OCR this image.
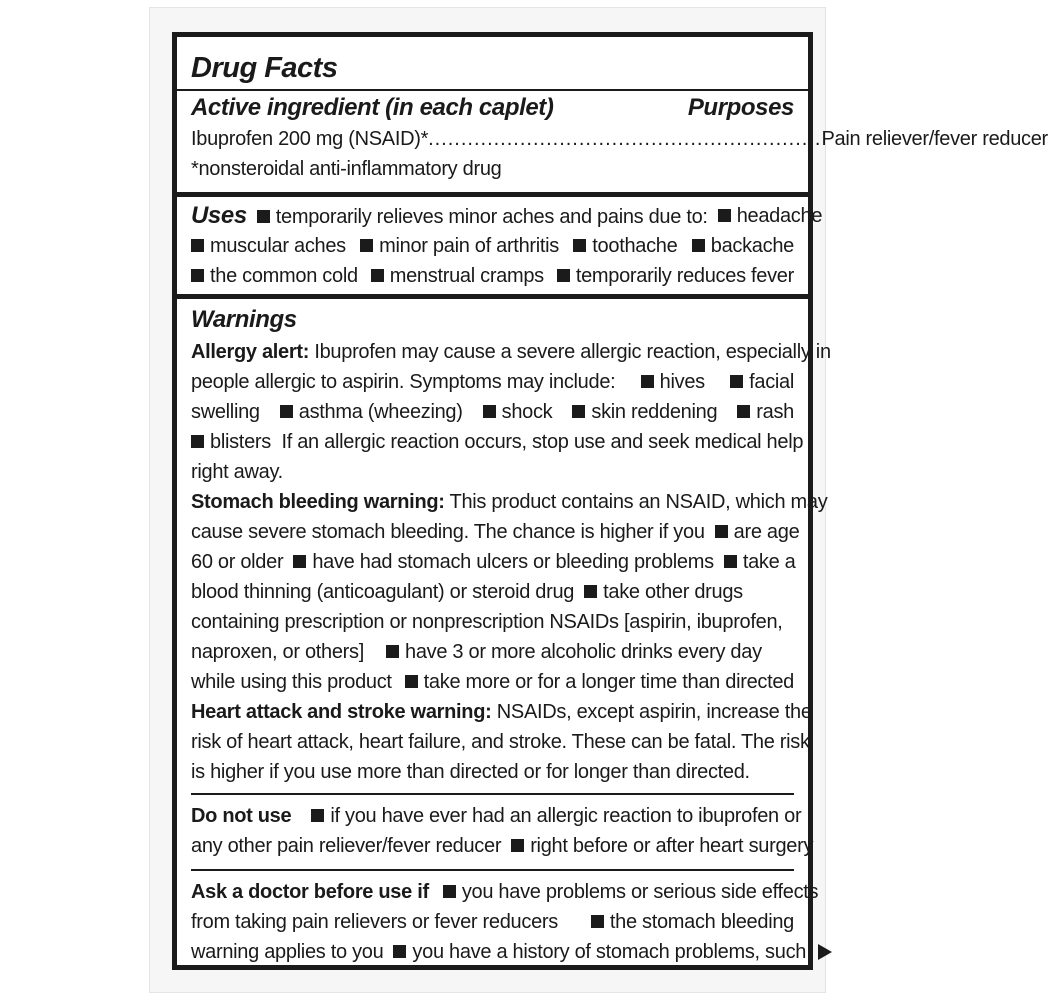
Drug Facts
Active ingredient (in each caplet)	Purposes
Ibuprofen 200 mg (NSAID)* ............................................................ Pain reliever/fever reducer
*nonsteroidal anti-inflammatory drug
Uses temporarily relieves minor aches and pains due to:	headache
muscular aches	minor pain of arthritis	toothache	backache
the common cold	menstrual cramps	temporarily reduces fever
Warnings
Allergy alert: Ibuprofen may cause a severe allergic reaction, especially in
people allergic to aspirin. Symptoms may include:	hives	facial
swelling	asthma (wheezing)	shock	skin reddening	rash
blisters If an allergic reaction occurs, stop use and seek medical help
right away.
Stomach bleeding warning: This product contains an NSAID, which may
cause severe stomach bleeding. The chance is higher if you	are age
60 or older	have had stomach ulcers or bleeding problems	take a
blood thinning (anticoagulant) or steroid drug take other drugs
containing prescription or nonprescription NSAIDs [aspirin, ibuprofen,
naproxen, or others] have 3 or more alcoholic drinks every day
while using this product	take more or for a longer time than directed
Heart attack and stroke warning: NSAIDs, except aspirin, increase the
risk of heart attack, heart failure, and stroke. These can be fatal. The risk
is higher if you use more than directed or for longer than directed.
Do not use if you have ever had an allergic reaction to ibuprofen or
any other pain reliever/fever reducer	right before or after heart surgery
Ask a doctor before use if you have problems or serious side effects
from taking pain relievers or fever reducers	the stomach bleeding
warning applies to you	you have a history of stomach problems, such
